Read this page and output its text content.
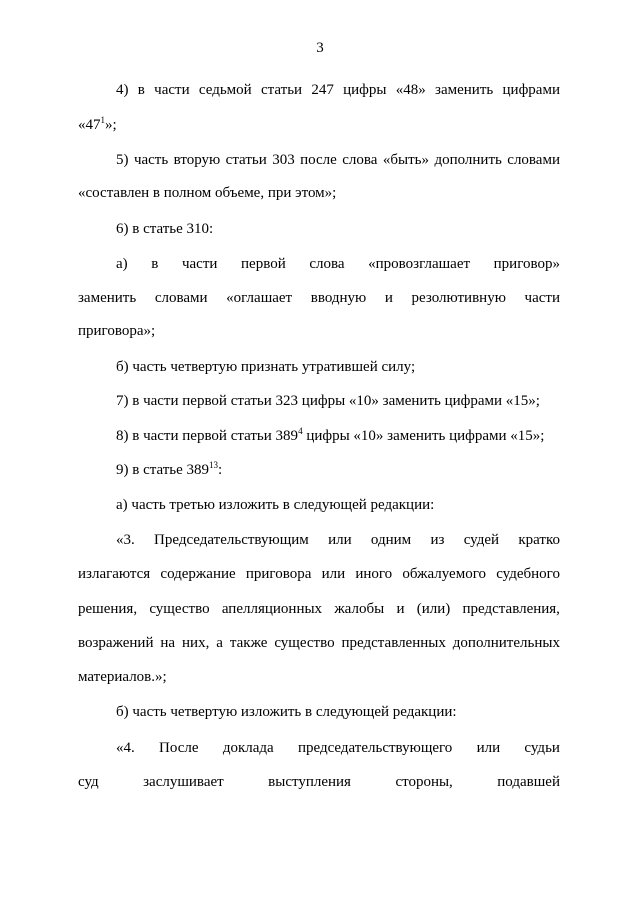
3
4) в части седьмой статьи 247 цифры «48» заменить цифрами
«$47^1$»;
5) часть вторую статьи 303 после слова «быть» дополнить словами
«составлен в полном объеме, при этом»;
6) в статье 310:
а) в части первой слова «провозглашает приговор»
заменить словами «оглашает вводную и резолютивную части
приговора»;
б) часть четвертую признать утратившей силу;
7) в части первой статьи 323 цифры «10» заменить цифрами «15»;
8) в части первой статьи $389^4$ цифры «10» заменить цифрами «15»;
9) в статье $389^{13}$:
а) часть третью изложить в следующей редакции:
«3. Председательствующим или одним из судей кратко
излагаются содержание приговора или иного обжалуемого судебного
решения, существо апелляционных жалобы и (или) представления,
возражений на них, а также существо представленных дополнительных
материалов.»;
б) часть четвертую изложить в следующей редакции:
«4. После доклада председательствующего или судьи
суд	заслушивает	выступления	стороны,	подавшей
